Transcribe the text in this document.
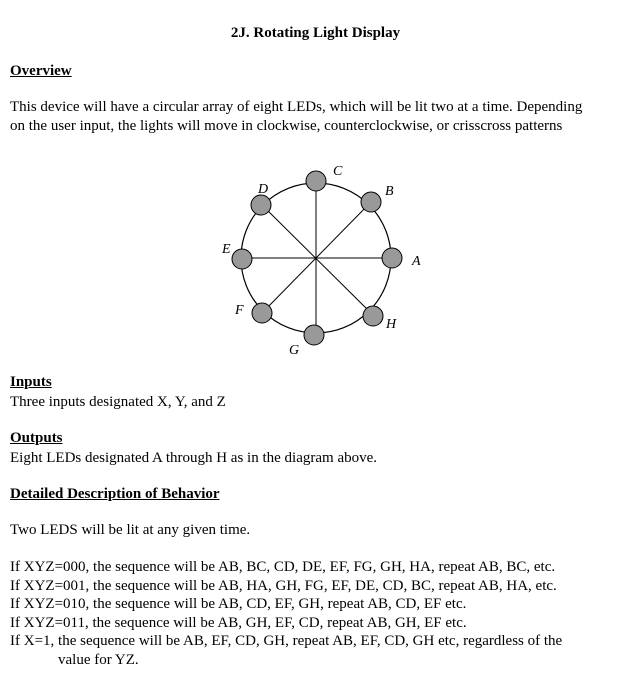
2J. Rotating Light Display
Overview
This device will have a circular array of eight LEDs, which will be lit two at a time. Depending
on the user input, the lights will move in clockwise, counterclockwise, or crisscross patterns
A
B
C
D
E
F
G
H
Inputs
Three inputs designated X, Y, and Z
Outputs
Eight LEDs designated A through H as in the diagram above.
Detailed Description of Behavior
Two LEDS will be lit at any given time.
If XYZ=000, the sequence will be AB, BC, CD, DE, EF, FG, GH, HA, repeat AB, BC, etc.
If XYZ=001, the sequence will be AB, HA, GH, FG, EF, DE, CD, BC, repeat AB, HA, etc.
If XYZ=010, the sequence will be AB, CD, EF, GH, repeat AB, CD, EF etc.
If XYZ=011, the sequence will be AB, GH, EF, CD, repeat AB, GH, EF etc.
If X=1, the sequence will be AB, EF, CD, GH, repeat AB, EF, CD, GH etc, regardless of the
value for YZ.
